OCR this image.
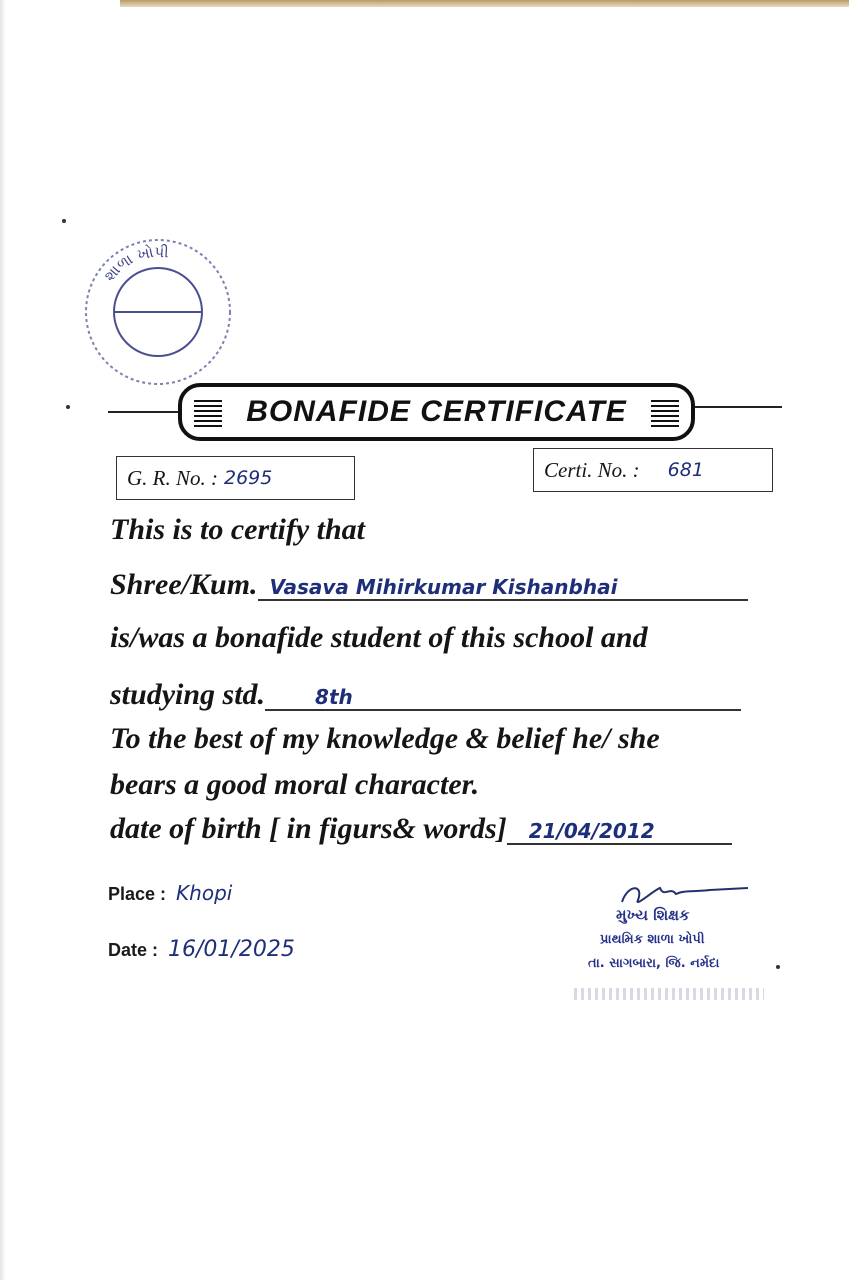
શાળા ખોપી
BONAFIDE CERTIFICATE
G. R. No. : 2695	Certi. No. : 681
This is to certify that
Shree/Kum. Vasava Mihirkumar Kishanbhai
is/was a bonafide student of this school and
studying std.	8th
To the best of my knowledge & belief he/ she
bears a good moral character.
date of birth [ in figurs& words] 21/04/2012
Place : Khopi
Date : 16/01/2025
મુખ્ય શિક્ષક
પ્રાથમિક શાળા ખોપી
તા. સાગબારા, જિ. નર્મદા
